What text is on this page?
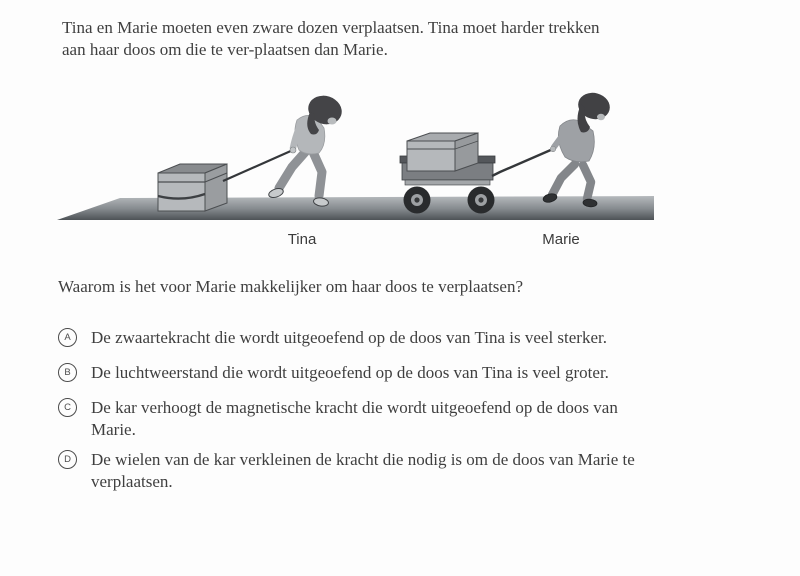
Tina en Marie moeten even zware dozen verplaatsen. Tina moet harder trekken
aan haar doos om die te ver-plaatsen dan Marie.
Tina	Marie
Waarom is het voor Marie makkelijker om haar doos te verplaatsen?
A	De zwaartekracht die wordt uitgeoefend op de doos van Tina is veel sterker.
B	De luchtweerstand die wordt uitgeoefend op de doos van Tina is veel groter.
C	De kar verhoogt de magnetische kracht die wordt uitgeoefend op de doos van Marie.
D	De wielen van de kar verkleinen de kracht die nodig is om de doos van Marie te verplaatsen.
